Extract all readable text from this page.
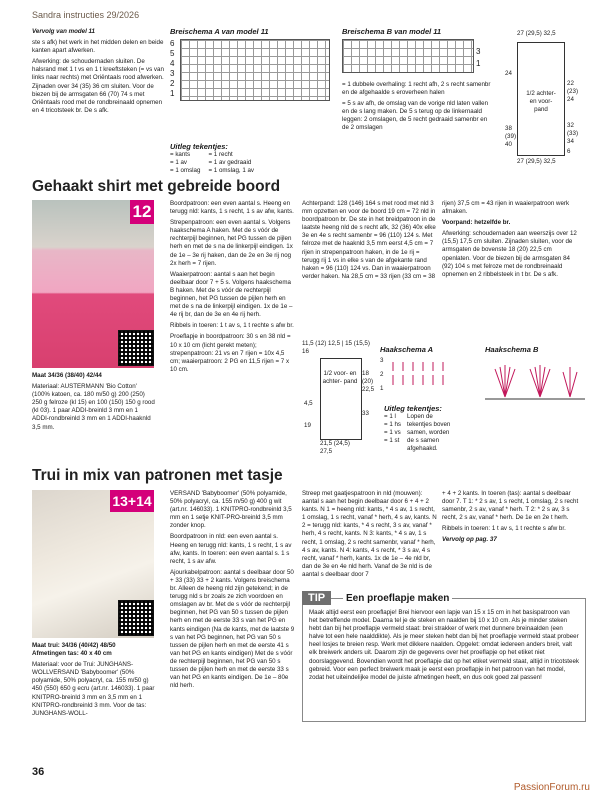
Sandra instructies 29/2026

Vervolg van model 11

ste s afk) het werk in het midden delen en beide kanten apart afwerken.

Afwerking: de schoudernaden sluiten. De halsrand met 1 t vs en 1 t kreeftsteken (= vs van links naar rechts) met Oriëntaals rood afwerken. Zijnaden over 34 (35) 36 cm sluiten. Voor de biezen bij de armsgaten 66 (70) 74 s met Oriëntaals rood met de rondbreinaald opnemen en 4 tricotsteek br. De s afk.

Breischema A van model 11
6
5
4
3
2
1
Breischema B van model 11
3
1

= 1 dubbele overhaling: 1 recht afh, 2 s recht samenbr en de afgehaalde s eroverheen halen

= 5 s av afh, de omslag van de vorige nld laten vallen en de s lang maken. De 5 s terug op de linkernaald leggen: 2 omslagen, de 5 recht gedraaid samenbr en de 2 omslagen

Uitleg tekentjes:
= kants
= 1 av
= 1 omslag
= 1 recht
= 1 av gedraaid
= 1 omslag, 1 av
27 (29,5) 32,5
1/2 achter- en voor- pand
24
38 (39) 40
22 (23) 24
32 (33) 34
6
27 (29,5) 32,5
Gehaakt shirt met gebreide boord
12

Maat 34/36 (38/40) 42/44

Materiaal: AUSTERMANN 'Bio Cotton' (100% katoen, ca. 180 m/50 g) 200 (250) 250 g felroze (kl 15) en 100 (150) 150 g rood (kl 03). 1 paar ADDI-breinld 3 mm en 1 ADDI-rondbreinld 3 mm en 1 ADDI-haaknld 3,5 mm.

Boordpatroon: een even aantal s. Heeng en terugg nld: kants, 1 s recht, 1 s av afw, kants.

Strepenpatroon: een even aantal s. Volgens haakschema A haken. Met de s vóór de rechterpijl beginnen, het PG tussen de pijlen herh en met de s na de linkerpijl eindigen. 1x de 1e – 3e rij haken, dan de 2e en 3e rij nog 2x herh = 7 rijen.

Waaierpatroon: aantal s aan het begin deelbaar door 7 + 5 s. Volgens haakschema B haken. Met de s vóór de rechterpijl beginnen, het PG tussen de pijlen herh en met de s na de linkerpijl eindigen. 1x de 1e – 4e rij br, dan de 3e en 4e rij herh.

Ribbels in toeren: 1 t av s, 1 t rechte s afw br.

Proeflapje in boordpatroon: 30 s en 38 nld = 10 x 10 cm (licht gerekt meten); strepenpatroon: 21 vs en 7 rijen = 10x 4,5 cm; waaierpatroon: 2 PG en 11,5 rijen = 7 x 10 cm.

Achterpand: 128 (146) 164 s met rood met nld 3 mm opzetten en voor de boord 19 cm = 72 nld in boordpatroon br. De ste in het breidpatroon in de laatste heeng nld de s recht afk, 32 (36) 40x elke 3e en 4e s recht samenbr = 96 (110) 124 s. Met felroze met de haaknld 3,5 mm eerst 4,5 cm = 7 rijen in strepenpatroon haken, in de 1e rij = terugg rij 1 vs in elke s van de afgekante rand haken = 96 (110) 124 vs. Dan in waaierpatroon verder haken. Na 28,5 cm = 33 rijen (33 cm = 38

rijen) 37,5 cm = 43 rijen in waaierpatroon werk afmaken.

Voorpand: hetzelfde br.

Afwerking: schoudernaden aan weerszijs over 12 (15,5) 17,5 cm sluiten. Zijnaden sluiten, voor de armsgaten de bovenste 18 (20) 22,5 cm openlaten. Voor de biezen bij de armsgaten 84 (92) 104 s met felroze met de rondbreinaald opnemen en 2 ribbelsteek in t br. De s afk.

11,5 (12) 12,5 | 15 (15,5) 16
1/2 voor- en achter- pand
18 (20) 22,5
33
4,5
19
21,5 (24,5) 27,5
Haakschema A
3
2
1
Haakschema B
Uitleg tekentjes:
= 1 l
= 1 hs
= 1 vs
= 1 st
Lopen de tekentjes boven samen, worden de s samen afgehaakd.
Trui in mix van patronen met tasje
13+14

Maat trui: 34/36 (40/42) 48/50

Afmetingen tas: 40 x 40 cm

Materiaal: voor de Trui: JUNGHANS-WOLLVERSAND 'Babyboomer' (50% polyamide, 50% polyacryl, ca. 155 m/50 g) 450 (550) 650 g ecru (art.nr. 146033). 1 paar KNITPRO-breinld 3 mm en 3,5 mm en 1 KNITPRO-rondbreinld 3 mm. Voor de tas: JUNGHANS-WOLL-

VERSAND 'Babyboomer' (50% polyamide, 50% polyacryl, ca. 155 m/50 g) 400 g wit (art.nr. 146033). 1 KNITPRO-rondbreinld 3,5 mm en 1 setje KNIT-PRO-breinld 3,5 mm zonder knop.

Boordpatroon in nld: een even aantal s. Heeng en terugg nld: kants, 1 s recht, 1 s av afw, kants. In toeren: een even aantal s. 1 s recht, 1 s av afw.

Ajourkabelpatroon: aantal s deelbaar door 50 + 33 (33) 33 + 2 kants. Volgens breischema br. Alleen de heeng nld zijn getekend; in de terugg nld s br zoals ze zich voordoen en omslagen av br. Met de s vóór de rechterpijl beginnen, het PG van 50 s tussen de pijlen herh en met de eerste 33 s van het PG en kants eindigen (Na de kants, met de laatste 9 s van het PG beginnen, het PG van 50 s tussen de pijlen herh en met de eerste 41 s van het PG en kants eindigen) Met de s vóór de rechterpijl beginnen, het PG van 50 s tussen de pijlen herh en met de eerste 33 s van het PG en kants eindigen. De 1e – 80e nld herh.

Streep met gaatjespatroon in nld (mouwen): aantal s aan het begin deelbaar door 6 + 4 + 2 kants. N 1 = heeng nld: kants, * 4 s av, 1 s recht, 1 omslag, 1 s recht, vanaf * herh, 4 s av, kants. N 2 = terugg nld: kants, * 4 s recht, 3 s av, vanaf * herh, 4 s recht, kants. N 3: kants, * 4 s av, 1 s recht, 1 omslag, 2 s recht samenbr, vanaf * herh, 4 s av, kants. N 4: kants, 4 s recht, * 3 s av, 4 s recht, vanaf * herh, kants. 1x de 1e – 4e nld br, dan de 3e en 4e nld herh. Vanaf de 3e nld is de aantal s deelbaar door 7

+ 4 + 2 kants. In toeren (tas): aantal s deelbaar door 7. T 1: * 2 s av, 1 s recht, 1 omslag, 2 s recht samenbr, 2 s av, vanaf * herh. T 2: * 2 s av, 3 s recht, 2 s av, vanaf * herh. De 1e en 2e t herh.

Ribbels in toeren: 1 t av s, 1 t rechte s afw br.

Vervolg op pag. 37

TIP	Een proeflapje maken
Maak altijd eerst een proeflapje! Brei hiervoor een lapje van 15 x 15 cm in het basispatroon van het betreffende model. Daarna tel je de steken en naalden bij 10 x 10 cm. Als je minder steken hebt dan bij het proeflapje vermeld staat: brei strakker of werk met dunnere breinaalden (een halve tot een hele naalddikte). Als je meer steken hebt dan bij het proeflapje vermeld staat probeer heel losjes te breien resp. Werk met dikkere naalden. Opgelet: omdat iedereen anders breit, valt elk breiwerk anders uit. Daarom zijn de gegevens over het proeflapje op het etiket niet doorslaggevend. Bovendien wordt het proeflapje dat op het etiket vermeld staat, altijd in tricotsteek gebreid. Voor een perfect breiwerk maak je eerst een proeflapje in het patroon van het model, zodat het uiteindelijke model de juiste afmetingen heeft, en dus ook goed zal passen!
36
PassionForum.ru
